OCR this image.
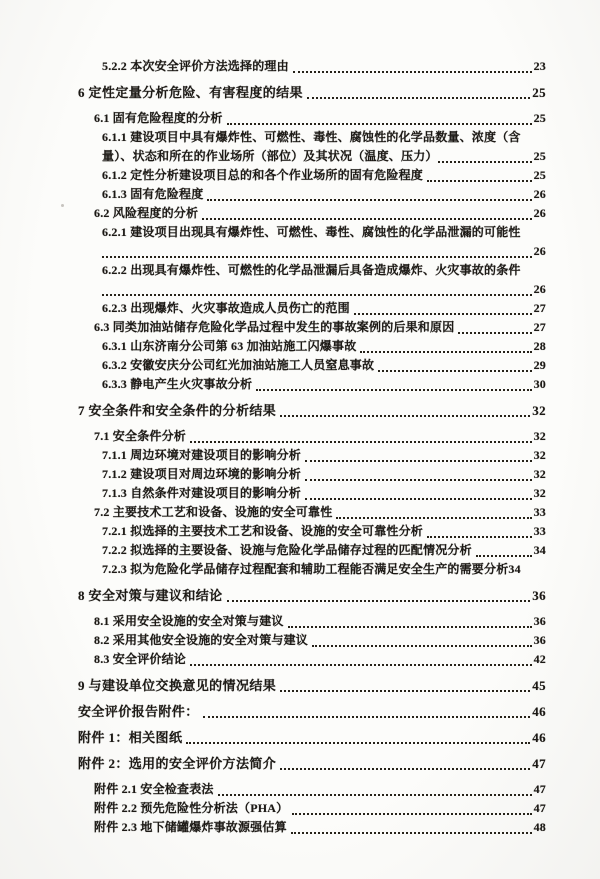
5.2.2 本次安全评价方法选择的理由	23
6 定性定量分析危险、有害程度的结果	25
6.1 固有危险程度的分析	25
6.1.1 建设项目中具有爆炸性、可燃性、毒性、腐蚀性的化学品数量、浓度（含
量）、状态和所在的作业场所（部位）及其状况（温度、压力）	25
6.1.2 定性分析建设项目总的和各个作业场所的固有危险程度	25
6.1.3 固有危险程度	26
6.2 风险程度的分析	26
6.2.1 建设项目出现具有爆炸性、可燃性、毒性、腐蚀性的化学品泄漏的可能性
26
6.2.2 出现具有爆炸性、可燃性的化学品泄漏后具备造成爆炸、火灾事故的条件
26
6.2.3 出现爆炸、火灾事故造成人员伤亡的范围	27
6.3 同类加油站储存危险化学品过程中发生的事故案例的后果和原因	27
6.3.1 山东济南分公司第 63 加油站施工闪爆事故	28
6.3.2 安徽安庆分公司红光加油站施工人员窒息事故	29
6.3.3 静电产生火灾事故分析	30
7 安全条件和安全条件的分析结果	32
7.1 安全条件分析	32
7.1.1 周边环境对建设项目的影响分析	32
7.1.2 建设项目对周边环境的影响分析	32
7.1.3 自然条件对建设项目的影响分析	32
7.2 主要技术工艺和设备、设施的安全可靠性	33
7.2.1 拟选择的主要技术工艺和设备、设施的安全可靠性分析	33
7.2.2 拟选择的主要设备、设施与危险化学品储存过程的匹配情况分析	34
7.2.3 拟为危险化学品储存过程配套和辅助工程能否满足安全生产的需要分析 34
8 安全对策与建议和结论	36
8.1 采用安全设施的安全对策与建议	36
8.2 采用其他安全设施的安全对策与建议	36
8.3 安全评价结论	42
9 与建设单位交换意见的情况结果	45
安全评价报告附件：	46
附件 1：相关图纸	46
附件 2：选用的安全评价方法简介	47
附件 2.1 安全检查表法	47
附件 2.2 预先危险性分析法（PHA）	47
附件 2.3 地下储罐爆炸事故源强估算	48
